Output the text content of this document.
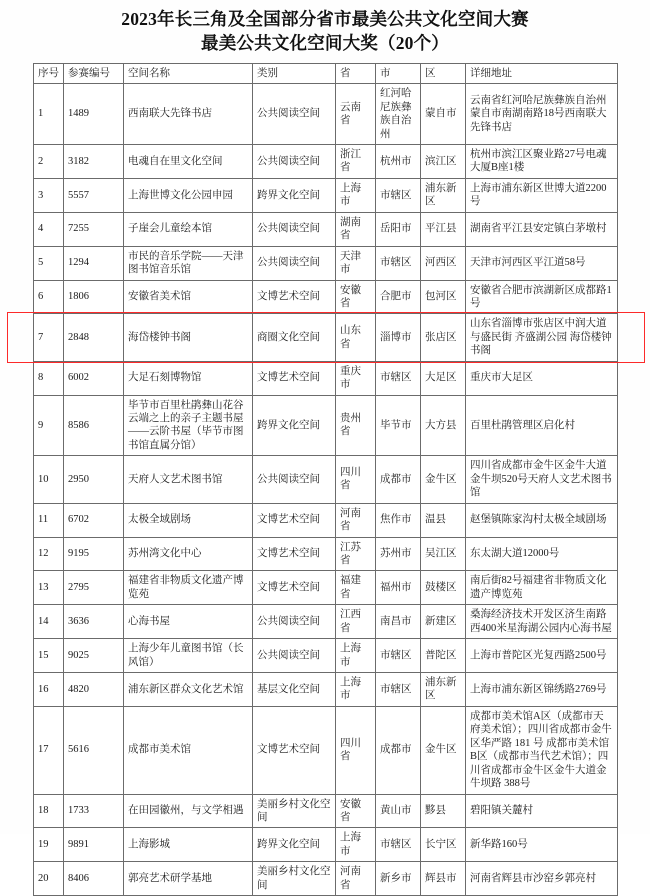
2023年长三角及全国部分省市最美公共文化空间大赛
最美公共文化空间大奖（20个）
序号	参赛编号	空间名称	类别	省	市	区	详细地址
1	1489	西南联大先锋书店	公共阅读空间	云南省	红河哈尼族彝族自治州	蒙自市	云南省红河哈尼族彝族自治州蒙自市南湖南路18号西南联大先锋书店
2	3182	电魂自在里文化空间	公共阅读空间	浙江省	杭州市	滨江区	杭州市滨江区聚业路27号电魂大厦B座1楼
3	5557	上海世博文化公园申园	跨界文化空间	上海市	市辖区	浦东新区	上海市浦东新区世博大道2200号
4	7255	子崖会儿童绘本馆	公共阅读空间	湖南省	岳阳市	平江县	湖南省平江县安定镇白茅墩村
5	1294	市民的音乐学院——天津图书馆音乐馆	公共阅读空间	天津市	市辖区	河西区	天津市河西区平江道58号
6	1806	安徽省美术馆	文博艺术空间	安徽省	合肥市	包河区	安徽省合肥市滨湖新区成都路1号
7	2848	海岱楼钟书阁	商圈文化空间	山东省	淄博市	张店区	山东省淄博市张店区中润大道与盛民街 齐盛湖公园 海岱楼钟书阁
8	6002	大足石刻博物馆	文博艺术空间	重庆市	市辖区	大足区	重庆市大足区
9	8586	毕节市百里杜鹃彝山花谷云端之上的亲子主题书屋——云阶书屋（毕节市图书馆直属分馆）	跨界文化空间	贵州省	毕节市	大方县	百里杜鹃管理区启化村
10	2950	天府人文艺术图书馆	公共阅读空间	四川省	成都市	金牛区	四川省成都市金牛区金牛大道金牛坝520号天府人文艺术图书馆
11	6702	太极全域剧场	文博艺术空间	河南省	焦作市	温县	赵堡镇陈家沟村太极全域剧场
12	9195	苏州湾文化中心	文博艺术空间	江苏省	苏州市	吴江区	东太湖大道12000号
13	2795	福建省非物质文化遗产博览苑	文博艺术空间	福建省	福州市	鼓楼区	南后街82号福建省非物质文化遗产博览苑
14	3636	心海书屋	公共阅读空间	江西省	南昌市	新建区	桑海经济技术开发区济生南路西400米星海湖公园内心海书屋
15	9025	上海少年儿童图书馆（长风馆）	公共阅读空间	上海市	市辖区	普陀区	上海市普陀区光复西路2500号
16	4820	浦东新区群众文化艺术馆	基层文化空间	上海市	市辖区	浦东新区	上海市浦东新区锦绣路2769号
17	5616	成都市美术馆	文博艺术空间	四川省	成都市	金牛区	成都市美术馆A区（成都市天府美术馆）；四川省成都市金牛区华严路 181 号 成都市美术馆B区（成都市当代艺术馆）；四川省成都市金牛区金牛大道金牛坝路 388号
18	1733	在田园徽州，与文学相遇	美丽乡村文化空间	安徽省	黄山市	黟县	碧阳镇关麓村
19	9891	上海影城	跨界文化空间	上海市	市辖区	长宁区	新华路160号
20	8406	郭亮艺术研学基地	美丽乡村文化空间	河南省	新乡市	辉县市	河南省辉县市沙窑乡郭亮村
